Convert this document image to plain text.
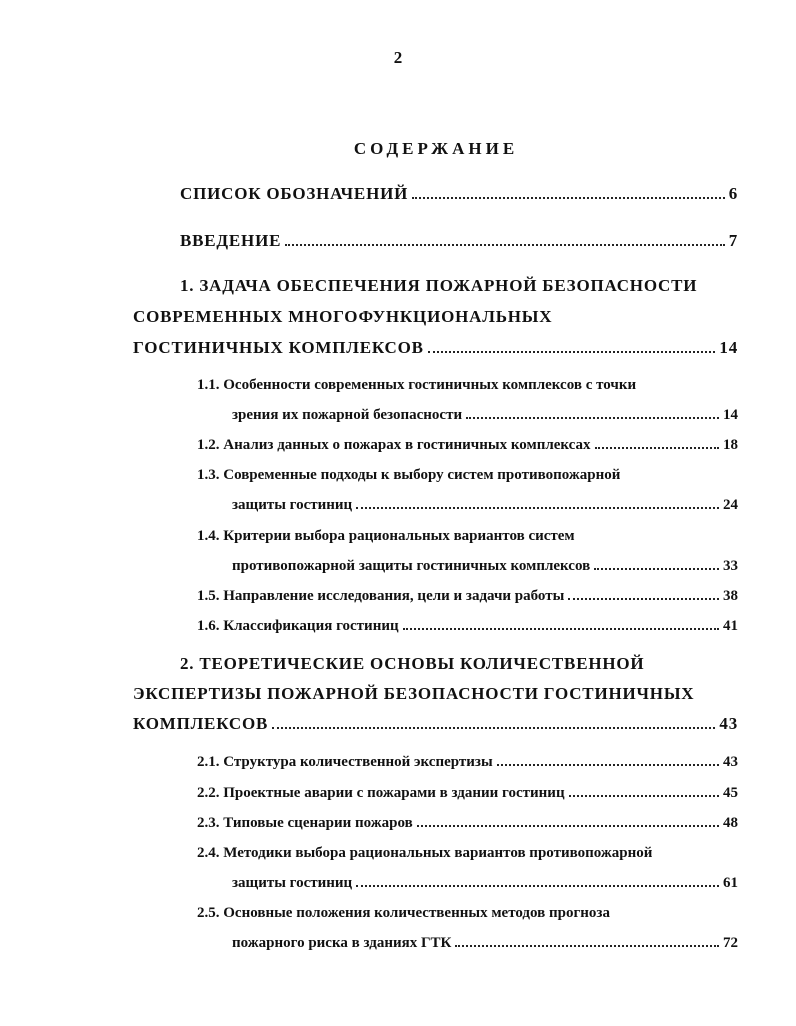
2
СОДЕРЖАНИЕ
СПИСОК ОБОЗНАЧЕНИЙ	6
ВВЕДЕНИЕ	7
1. ЗАДАЧА ОБЕСПЕЧЕНИЯ ПОЖАРНОЙ БЕЗОПАСНОСТИ
СОВРЕМЕННЫХ МНОГОФУНКЦИОНАЛЬНЫХ
ГОСТИНИЧНЫХ КОМПЛЕКСОВ	14
1.1. Особенности современных гостиничных комплексов с точки
зрения их пожарной безопасности	14
1.2. Анализ данных о пожарах в гостиничных комплексах	18
1.3. Современные подходы к выбору систем противопожарной
защиты гостиниц	24
1.4. Критерии выбора рациональных вариантов систем
противопожарной защиты гостиничных комплексов	33
1.5. Направление исследования, цели и задачи работы	38
1.6. Классификация гостиниц	41
2. ТЕОРЕТИЧЕСКИЕ ОСНОВЫ КОЛИЧЕСТВЕННОЙ
ЭКСПЕРТИЗЫ ПОЖАРНОЙ БЕЗОПАСНОСТИ ГОСТИНИЧНЫХ
КОМПЛЕКСОВ	43
2.1. Структура количественной экспертизы	43
2.2. Проектные аварии с пожарами в здании гостиниц	45
2.3. Типовые сценарии пожаров	48
2.4. Методики выбора рациональных вариантов противопожарной
защиты гостиниц	61
2.5. Основные положения количественных методов прогноза
пожарного риска в зданиях ГТК	72
